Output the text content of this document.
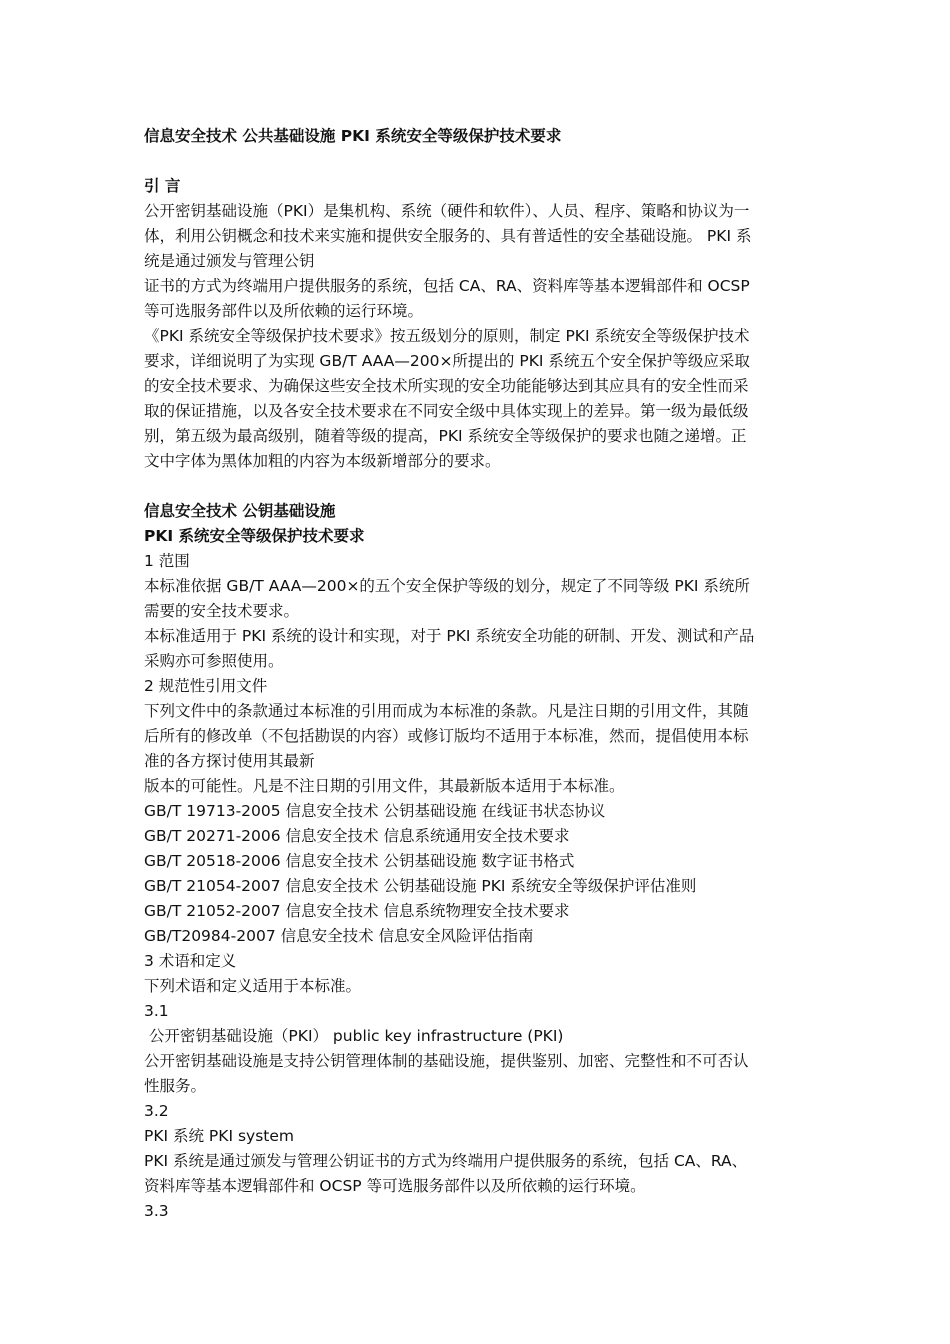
信息安全技术 公共基础设施 PKI 系统安全等级保护技术要求
引 言
公开密钥基础设施（PKI）是集机构、系统（硬件和软件）、人员、程序、策略和协议为一
体，利用公钥概念和技术来实施和提供安全服务的、具有普适性的安全基础设施。 PKI 系
统是通过颁发与管理公钥
证书的方式为终端用户提供服务的系统，包括 CA、RA、资料库等基本逻辑部件和 OCSP
等可选服务部件以及所依赖的运行环境。
《PKI 系统安全等级保护技术要求》按五级划分的原则，制定 PKI 系统安全等级保护技术
要求，详细说明了为实现 GB/T AAA—200×所提出的 PKI 系统五个安全保护等级应采取
的安全技术要求、为确保这些安全技术所实现的安全功能能够达到其应具有的安全性而采
取的保证措施，以及各安全技术要求在不同安全级中具体实现上的差异。第一级为最低级
别，第五级为最高级别，随着等级的提高，PKI 系统安全等级保护的要求也随之递增。正
文中字体为黑体加粗的内容为本级新增部分的要求。
信息安全技术 公钥基础设施
PKI 系统安全等级保护技术要求
1 范围
本标准依据 GB/T AAA—200×的五个安全保护等级的划分，规定了不同等级 PKI 系统所
需要的安全技术要求。
本标准适用于 PKI 系统的设计和实现，对于 PKI 系统安全功能的研制、开发、测试和产品
采购亦可参照使用。
2 规范性引用文件
下列文件中的条款通过本标准的引用而成为本标准的条款。凡是注日期的引用文件，其随
后所有的修改单（不包括勘误的内容）或修订版均不适用于本标准，然而，提倡使用本标
准的各方探讨使用其最新
版本的可能性。凡是不注日期的引用文件，其最新版本适用于本标准。
GB/T 19713-2005 信息安全技术 公钥基础设施 在线证书状态协议
GB/T 20271-2006 信息安全技术 信息系统通用安全技术要求
GB/T 20518-2006 信息安全技术 公钥基础设施 数字证书格式
GB/T 21054-2007 信息安全技术 公钥基础设施 PKI 系统安全等级保护评估准则
GB/T 21052-2007 信息安全技术 信息系统物理安全技术要求
GB/T20984-2007 信息安全技术 信息安全风险评估指南
3 术语和定义
下列术语和定义适用于本标准。
3.1
公开密钥基础设施（PKI） public key infrastructure (PKI)
公开密钥基础设施是支持公钥管理体制的基础设施，提供鉴别、加密、完整性和不可否认
性服务。
3.2
PKI 系统 PKI system
PKI 系统是通过颁发与管理公钥证书的方式为终端用户提供服务的系统，包括 CA、RA、
资料库等基本逻辑部件和 OCSP 等可选服务部件以及所依赖的运行环境。
3.3
